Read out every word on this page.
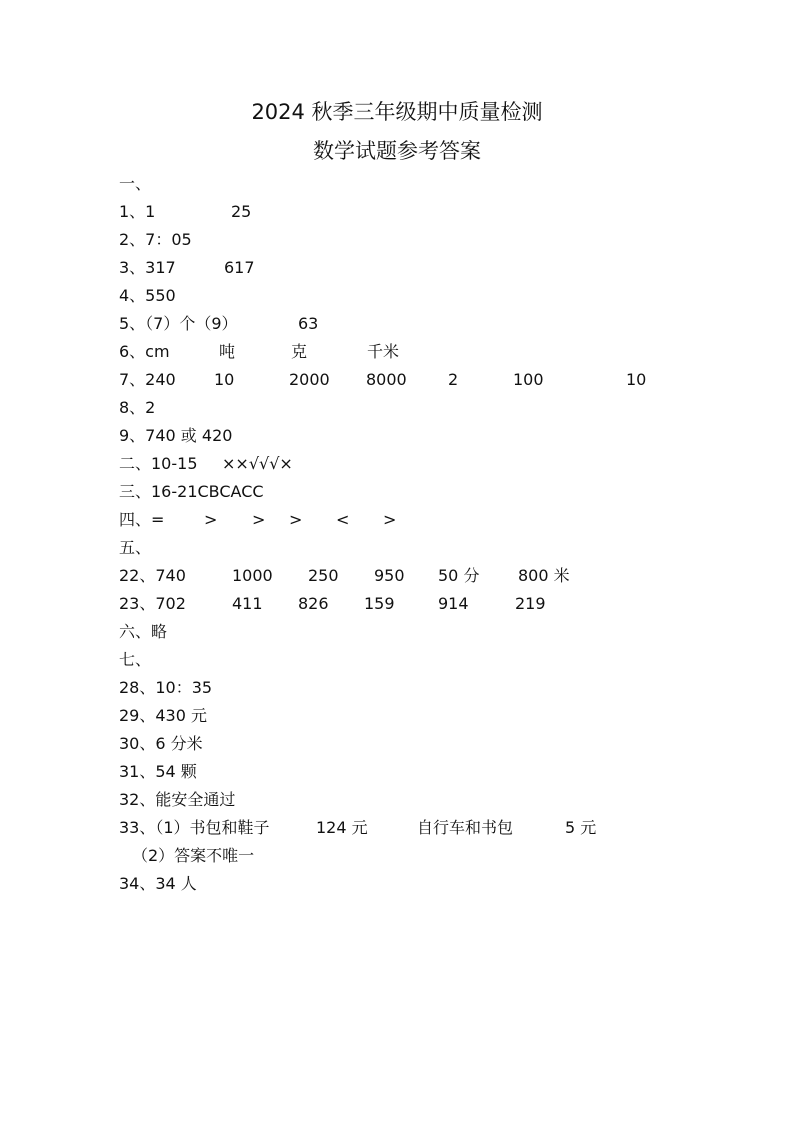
2024 秋季三年级期中质量检测
数学试题参考答案
一、
1、1	25
2、7：05
3、317	617
4、550
5、（7）个（9）	63
6、cm	吨	克	千米
7、240 10	2000 8000	2	100	10
8、2
9、740 或 420
二、10-15 ××√√√×
三、16-21CBCACC
四、= > > > < >
五、
22、740	1000 250 950 50 分 800 米
23、702	411 826 159	914	219
六、略
七、
28、10：35
29、430 元
30、6 分米
31、54 颗
32、能安全通过
33、（1）书包和鞋子	124 元	自行车和书包	5 元
（2）答案不唯一
34、34 人
